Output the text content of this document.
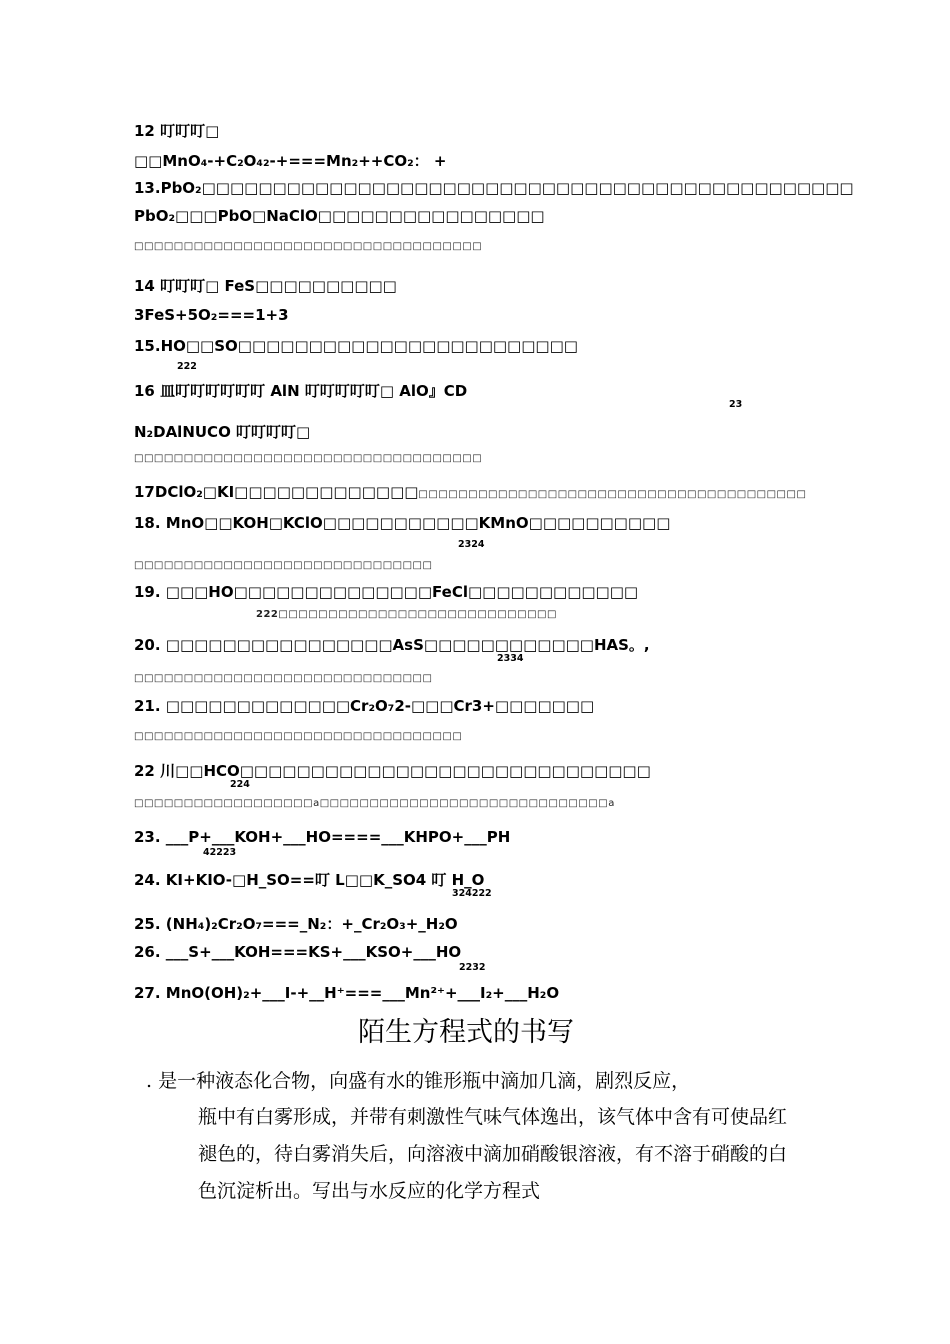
12 叮叮叮□
□□MnO₄-+C₂O₄₂-+===Mn₂++CO₂： +
13.PbO₂□□□□□□□□□□□□□□□□□□□□□□□□□□□□□□□□□□□□□□□□□□□□□□
PbO₂□□□PbO□NaClO□□□□□□□□□□□□□□□□
□□□□□□□□□□□□□□□□□□□□□□□□□□□□□□□□□□□
14 叮叮叮□ FeS□□□□□□□□□□
3FeS+5O₂===1+3
15.HO□□SO□□□□□□□□□□□□□□□□□□□□□□□□
222
16 皿叮叮叮叮叮叮 AlN 叮叮叮叮叮□ AlO』CD
23
N₂DAlNUCO 叮叮叮叮□
□□□□□□□□□□□□□□□□□□□□□□□□□□□□□□□□□□□
17DClO₂□KI□□□□□□□□□□□□□□□□□□□□□□□□□□□□□□□□□□□□□□□□□□□□□□□□□□□□
18. MnO□□KOH□KClO□□□□□□□□□□□KMnO□□□□□□□□□□
2324
□□□□□□□□□□□□□□□□□□□□□□□□□□□□□□
19. □□□HO□□□□□□□□□□□□□□FeCl□□□□□□□□□□□□
222□□□□□□□□□□□□□□□□□□□□□□□□□□□□
20. □□□□□□□□□□□□□□□□AsS□□□□□□□□□□□□HAS。,
2334
□□□□□□□□□□□□□□□□□□□□□□□□□□□□□□
21. □□□□□□□□□□□□□Cr₂O₇2-□□□Cr3+□□□□□□□
□□□□□□□□□□□□□□□□□□□□□□□□□□□□□□□□□
22 川□□HCO□□□□□□□□□□□□□□□□□□□□□□□□□□□□□
224
□□□□□□□□□□□□□□□□□□a□□□□□□□□□□□□□□□□□□□□□□□□□□□□□a
23. ___P+___KOH+___HO====___KHPO+___PH
42223
24. KI+KIO-□H_SO==叮 L□□K_SO4 叮 H_O
324222
25. (NH₄)₂Cr₂O₇===_N₂：+_Cr₂O₃+_H₂O
26. ___S+___KOH===KS+___KSO+___HO
2232
27. MnO(OH)₂+___I-+__H⁺===___Mn²⁺+___I₂+___H₂O
陌生方程式的书写
. 是一种液态化合物，向盛有水的锥形瓶中滴加几滴，剧烈反应，
瓶中有白雾形成，并带有刺激性气味气体逸出，该气体中含有可使品红
褪色的，待白雾消失后，向溶液中滴加硝酸银溶液，有不溶于硝酸的白
色沉淀析出。写出与水反应的化学方程式
